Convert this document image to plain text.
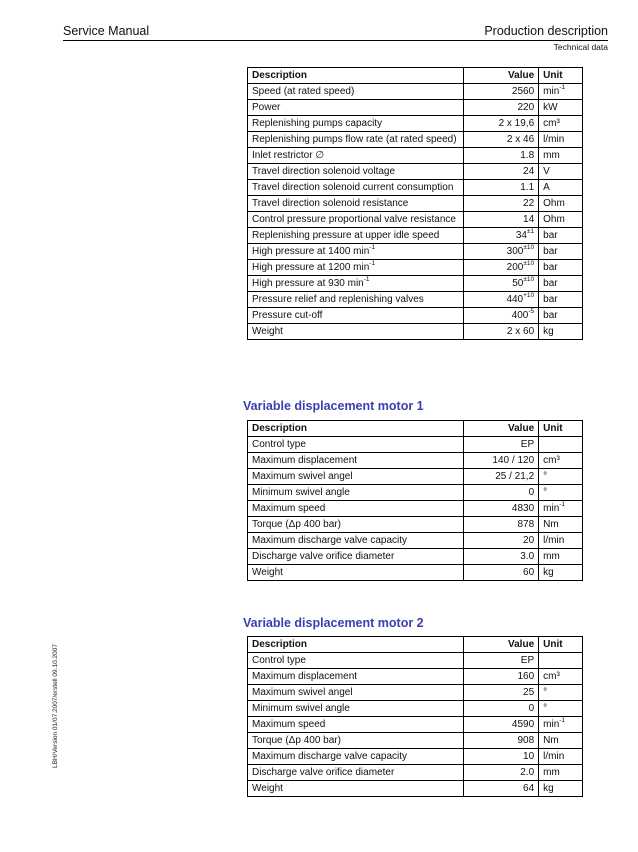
Service Manual	Production description
Technical data
LBH/Version 01/07.2007/erstell 09.10.2007
Description	Value	Unit
Speed (at rated speed)	2560	$\min^{-1}$
Power	220	kW
Replenishing pumps capacity	2 x 19,6	cm³
Replenishing pumps flow rate (at rated speed)	2 x 46	l/min
Inlet restrictor ∅	1.8	mm
Travel direction solenoid voltage	24	V
Travel direction solenoid current consumption	1.1	A
Travel direction solenoid resistance	22	Ohm
Control pressure proportional valve resistance	14	Ohm
Replenishing pressure at upper idle speed	$34^{\pm 1}$	bar
High pressure at 1400 $\min^{-1}$	$300^{\pm 10}$	bar
High pressure at 1200 $\min^{-1}$	$200^{\pm 10}$	bar
High pressure at 930 $\min^{-1}$	$50^{\pm 10}$	bar
Pressure relief and replenishing valves	$440^{+10}$	bar
Pressure cut-off	$400^{-5}$	bar
Weight	2 x 60	kg
Variable displacement motor 1
Description	Value	Unit
Control type	EP	
Maximum displacement	140 / 120	cm³
Maximum swivel angel	25 / 21,2	°
Minimum swivel angle	0	°
Maximum speed	4830	$\min^{-1}$
Torque (Δp 400 bar)	878	Nm
Maximum discharge valve capacity	20	l/min
Discharge valve orifice diameter	3.0	mm
Weight	60	kg
Variable displacement motor 2
Description	Value	Unit
Control type	EP	
Maximum displacement	160	cm³
Maximum swivel angel	25	°
Minimum swivel angle	0	°
Maximum speed	4590	$\min^{-1}$
Torque (Δp 400 bar)	908	Nm
Maximum discharge valve capacity	10	l/min
Discharge valve orifice diameter	2.0	mm
Weight	64	kg
